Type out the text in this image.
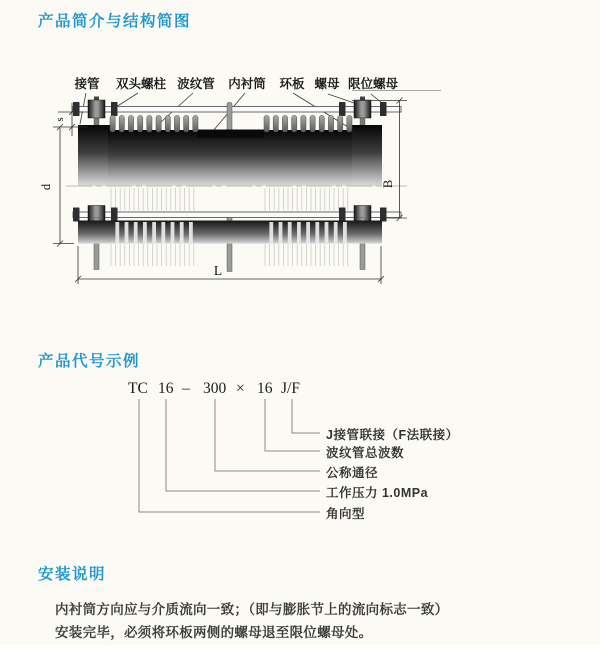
接管 双头螺柱 波纹管 内衬筒 环板 螺母 限位螺母
s
d	B
L
产品简介与结构简图
产品代号示例
安装说明
TC 16 – 300 × 16 J/F
J接管联接（F法联接）
波纹管总波数
公称通径
工作压力 1.0MPa
角向型
内衬筒方向应与介质流向一致；（即与膨胀节上的流向标志一致）
安装完毕，必须将环板两侧的螺母退至限位螺母处。
